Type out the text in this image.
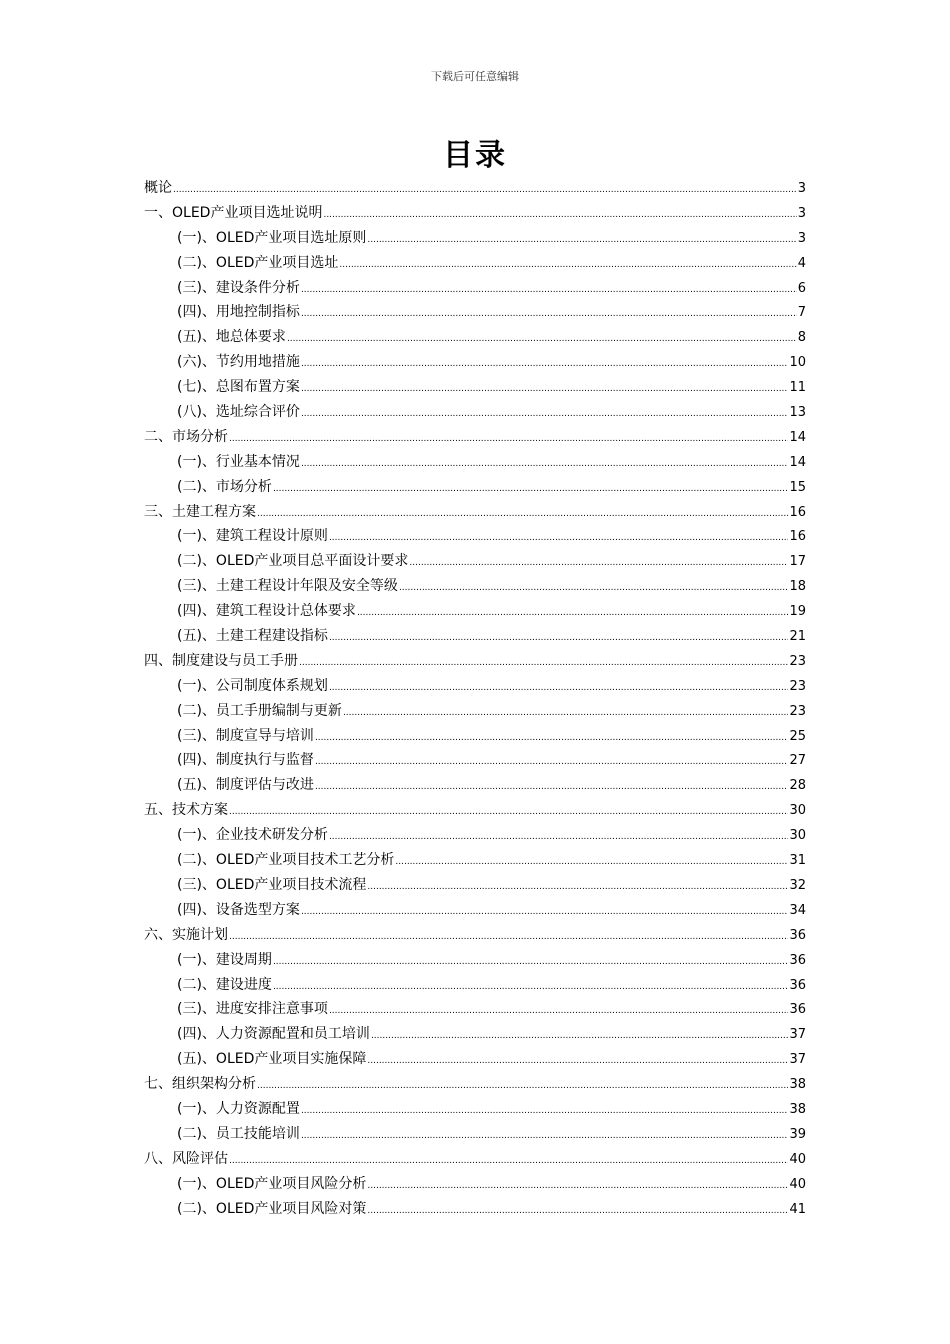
下载后可任意编辑
目录
概论 .....	3
一、OLED产业项目选址说明 .....	3
(一)、OLED产业项目选址原则 .....	3
(二)、OLED产业项目选址 .....	4
(三)、建设条件分析 .....	6
(四)、用地控制指标 .....	7
(五)、地总体要求 .....	8
(六)、节约用地措施 .....	10
(七)、总图布置方案 .....	11
(八)、选址综合评价 .....	13
二、市场分析 .....	14
(一)、行业基本情况 .....	14
(二)、市场分析 .....	15
三、土建工程方案 .....	16
(一)、建筑工程设计原则 .....	16
(二)、OLED产业项目总平面设计要求 .....	17
(三)、土建工程设计年限及安全等级 .....	18
(四)、建筑工程设计总体要求 .....	19
(五)、土建工程建设指标 .....	21
四、制度建设与员工手册 .....	23
(一)、公司制度体系规划 .....	23
(二)、员工手册编制与更新 .....	23
(三)、制度宣导与培训 .....	25
(四)、制度执行与监督 .....	27
(五)、制度评估与改进 .....	28
五、技术方案 .....	30
(一)、企业技术研发分析 .....	30
(二)、OLED产业项目技术工艺分析 .....	31
(三)、OLED产业项目技术流程 .....	32
(四)、设备选型方案 .....	34
六、实施计划 .....	36
(一)、建设周期 .....	36
(二)、建设进度 .....	36
(三)、进度安排注意事项 .....	36
(四)、人力资源配置和员工培训 .....	37
(五)、OLED产业项目实施保障 .....	37
七、组织架构分析 .....	38
(一)、人力资源配置 .....	38
(二)、员工技能培训 .....	39
八、风险评估 .....	40
(一)、OLED产业项目风险分析 .....	40
(二)、OLED产业项目风险对策 .....	41
